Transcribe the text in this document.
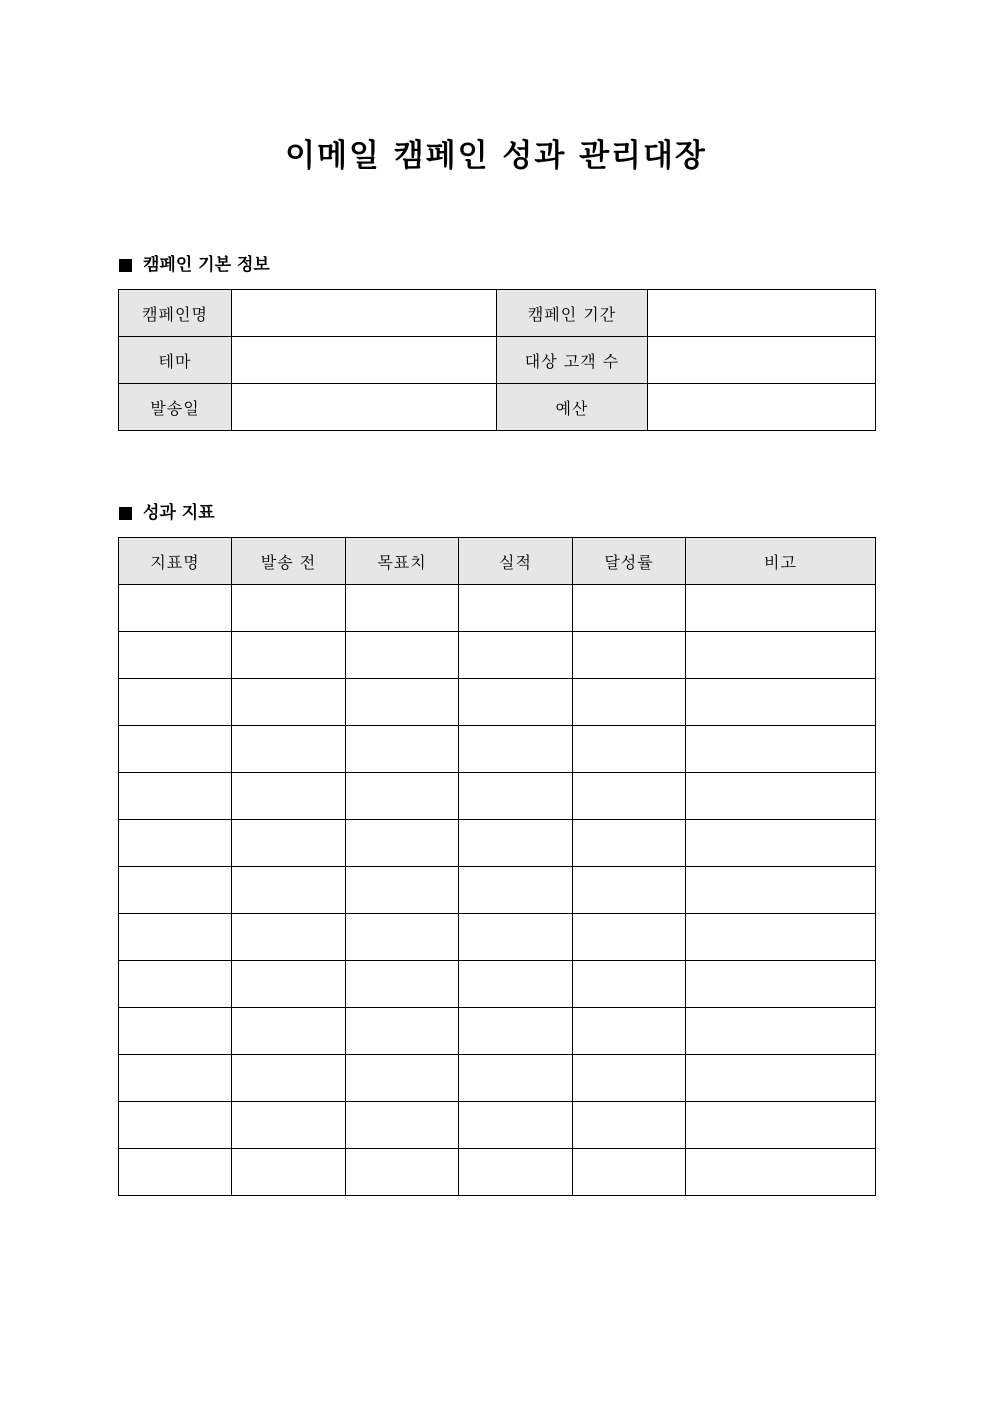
이메일 캠페인 성과 관리대장
캠페인 기본 정보
캠페인명		캠페인 기간	
테마		대상 고객 수	
발송일		예산	
성과 지표
지표명	발송 전	목표치	실적	달성률	비고
